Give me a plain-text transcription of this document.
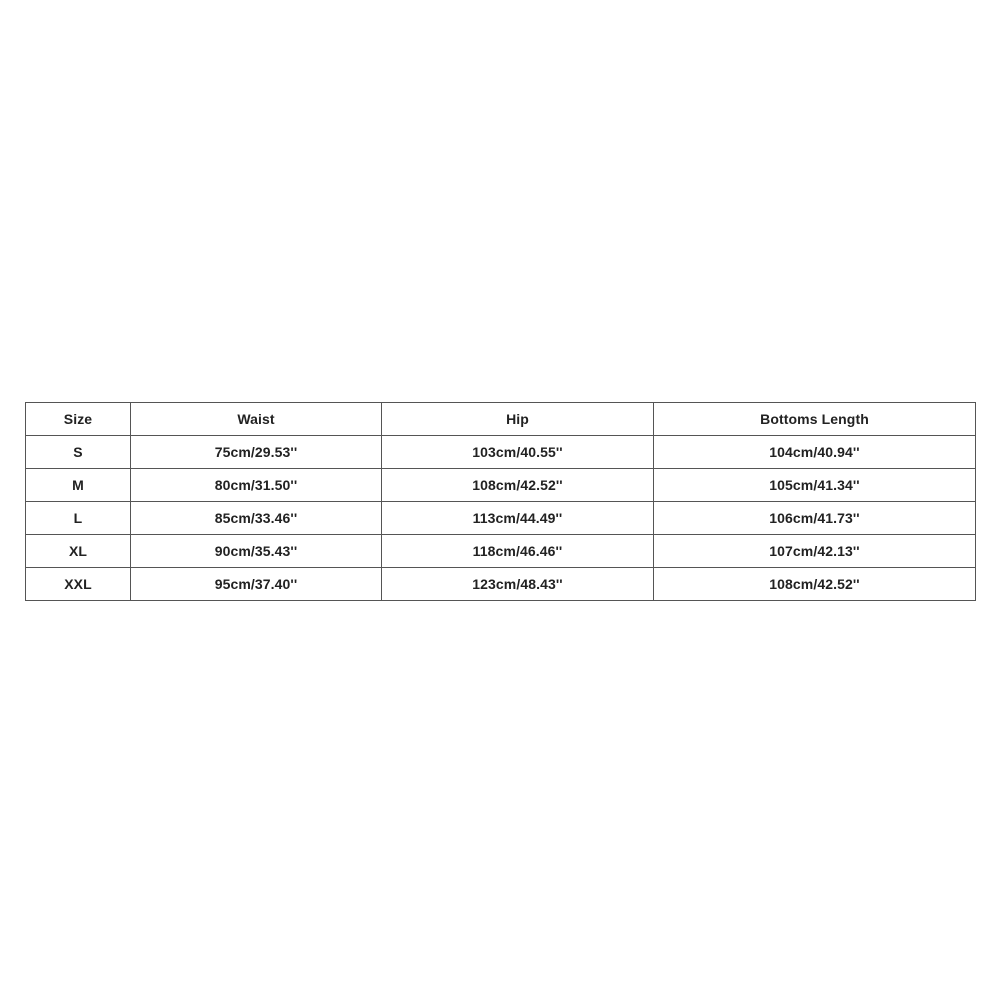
Size	Waist	Hip	Bottoms Length
S	75cm/29.53''	103cm/40.55''	104cm/40.94''
M	80cm/31.50''	108cm/42.52''	105cm/41.34''
L	85cm/33.46''	113cm/44.49''	106cm/41.73''
XL	90cm/35.43''	118cm/46.46''	107cm/42.13''
XXL	95cm/37.40''	123cm/48.43''	108cm/42.52''
